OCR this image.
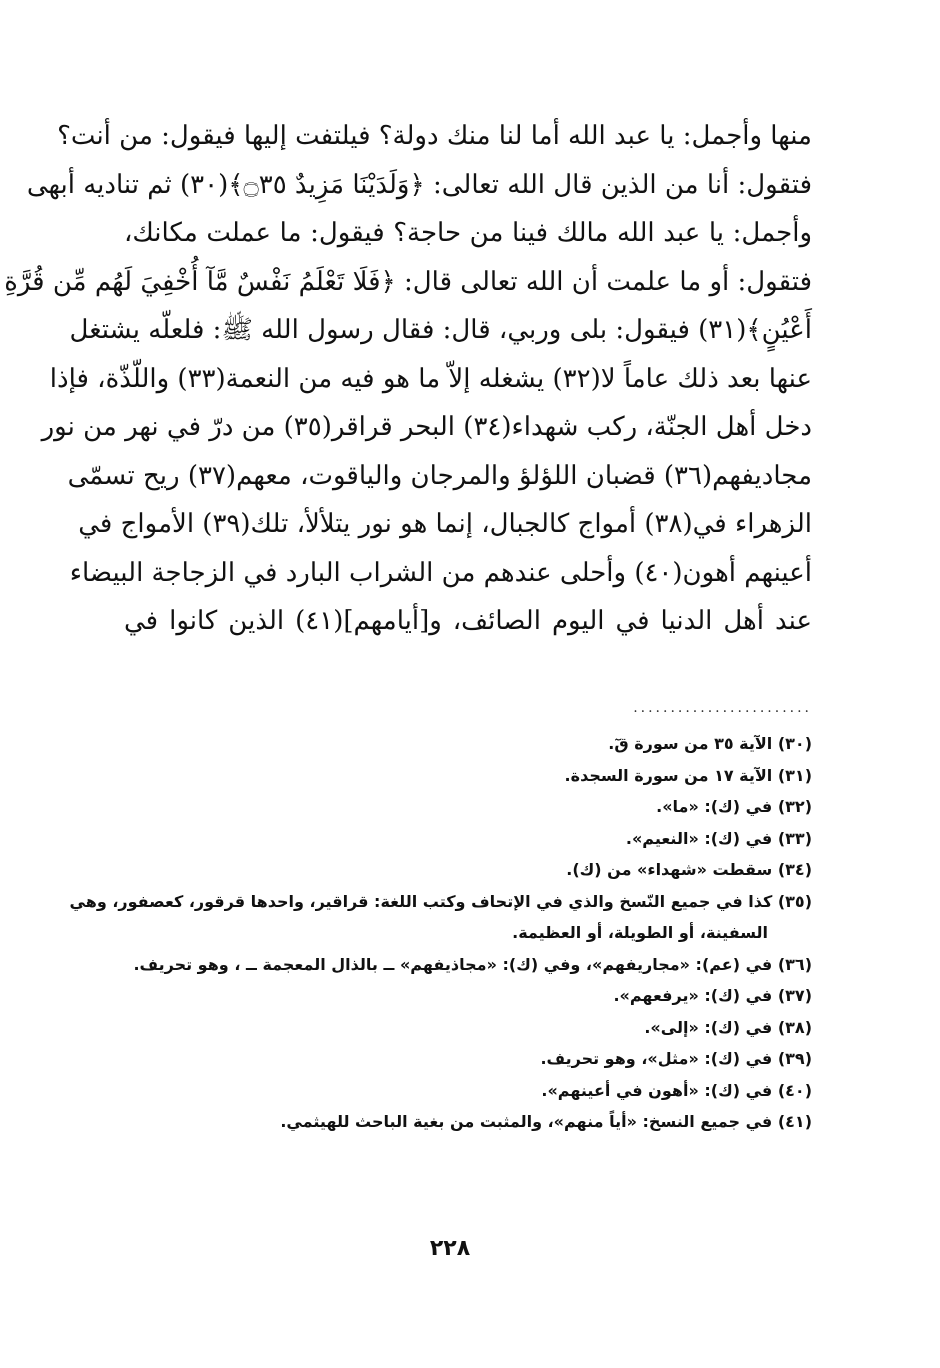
منها وأجمل: يا عبد الله أما لنا منك دولة؟ فيلتفت إليها فيقول: من أنت؟
فتقول: أنا من الذين قال الله تعالى: ﴿وَلَدَيْنَا مَزِيدٌ ۝٣٥﴾(٣٠) ثم تناديه أبهى
وأجمل: يا عبد الله مالك فينا من حاجة؟ فيقول: ما عملت مكانك،
فتقول: أو ما علمت أن الله تعالى قال: ﴿فَلَا تَعْلَمُ نَفْسٌ مَّآ أُخْفِيَ لَهُم مِّن قُرَّةِ
أَعْيُنٍ﴾(٣١) فيقول: بلى وربي، قال: فقال رسول الله ﷺ: فلعلّه يشتغل
عنها بعد ذلك عاماً لا(٣٢) يشغله إلاّ ما هو فيه من النعمة(٣٣) واللّذّة، فإذا
دخل أهل الجنّة، ركب شهداء(٣٤) البحر قراقر(٣٥) من درّ في نهر من نور
مجاديفهم(٣٦) قضبان اللؤلؤ والمرجان والياقوت، معهم(٣٧) ريح تسمّى
الزهراء في(٣٨) أمواج كالجبال، إنما هو نور يتلألأ، تلك(٣٩) الأمواج في
أعينهم أهون(٤٠) وأحلى عندهم من الشراب البارد في الزجاجة البيضاء
عند أهل الدنيا في اليوم الصائف، و[أيامهم](٤١) الذين كانوا في
........................
(٣٠) الآية ٣٥ من سورة قٓ.
(٣١) الآية ١٧ من سورة السجدة.
(٣٢) في (ك): «ما».
(٣٣) في (ك): «النعيم».
(٣٤) سقطت «شهداء» من (ك).
(٣٥) كذا في جميع النّسخ والذي في الإتحاف وكتب اللغة: قراقير، واحدها قرقور، كعصفور، وهي
السفينة، أو الطويلة، أو العظيمة.
(٣٦) في (عم): «مجاريفهم»، وفي (ك): «مجاذيفهم» ــ بالذال المعجمة ــ ، وهو تحريف.
(٣٧) في (ك): «يرفعهم».
(٣٨) في (ك): «إلى».
(٣٩) في (ك): «مثل»، وهو تحريف.
(٤٠) في (ك): «أهون في أعينهم».
(٤١) في جميع النسخ: «أياً منهم»، والمثبت من بغية الباحث للهيثمي.
٢٢٨
